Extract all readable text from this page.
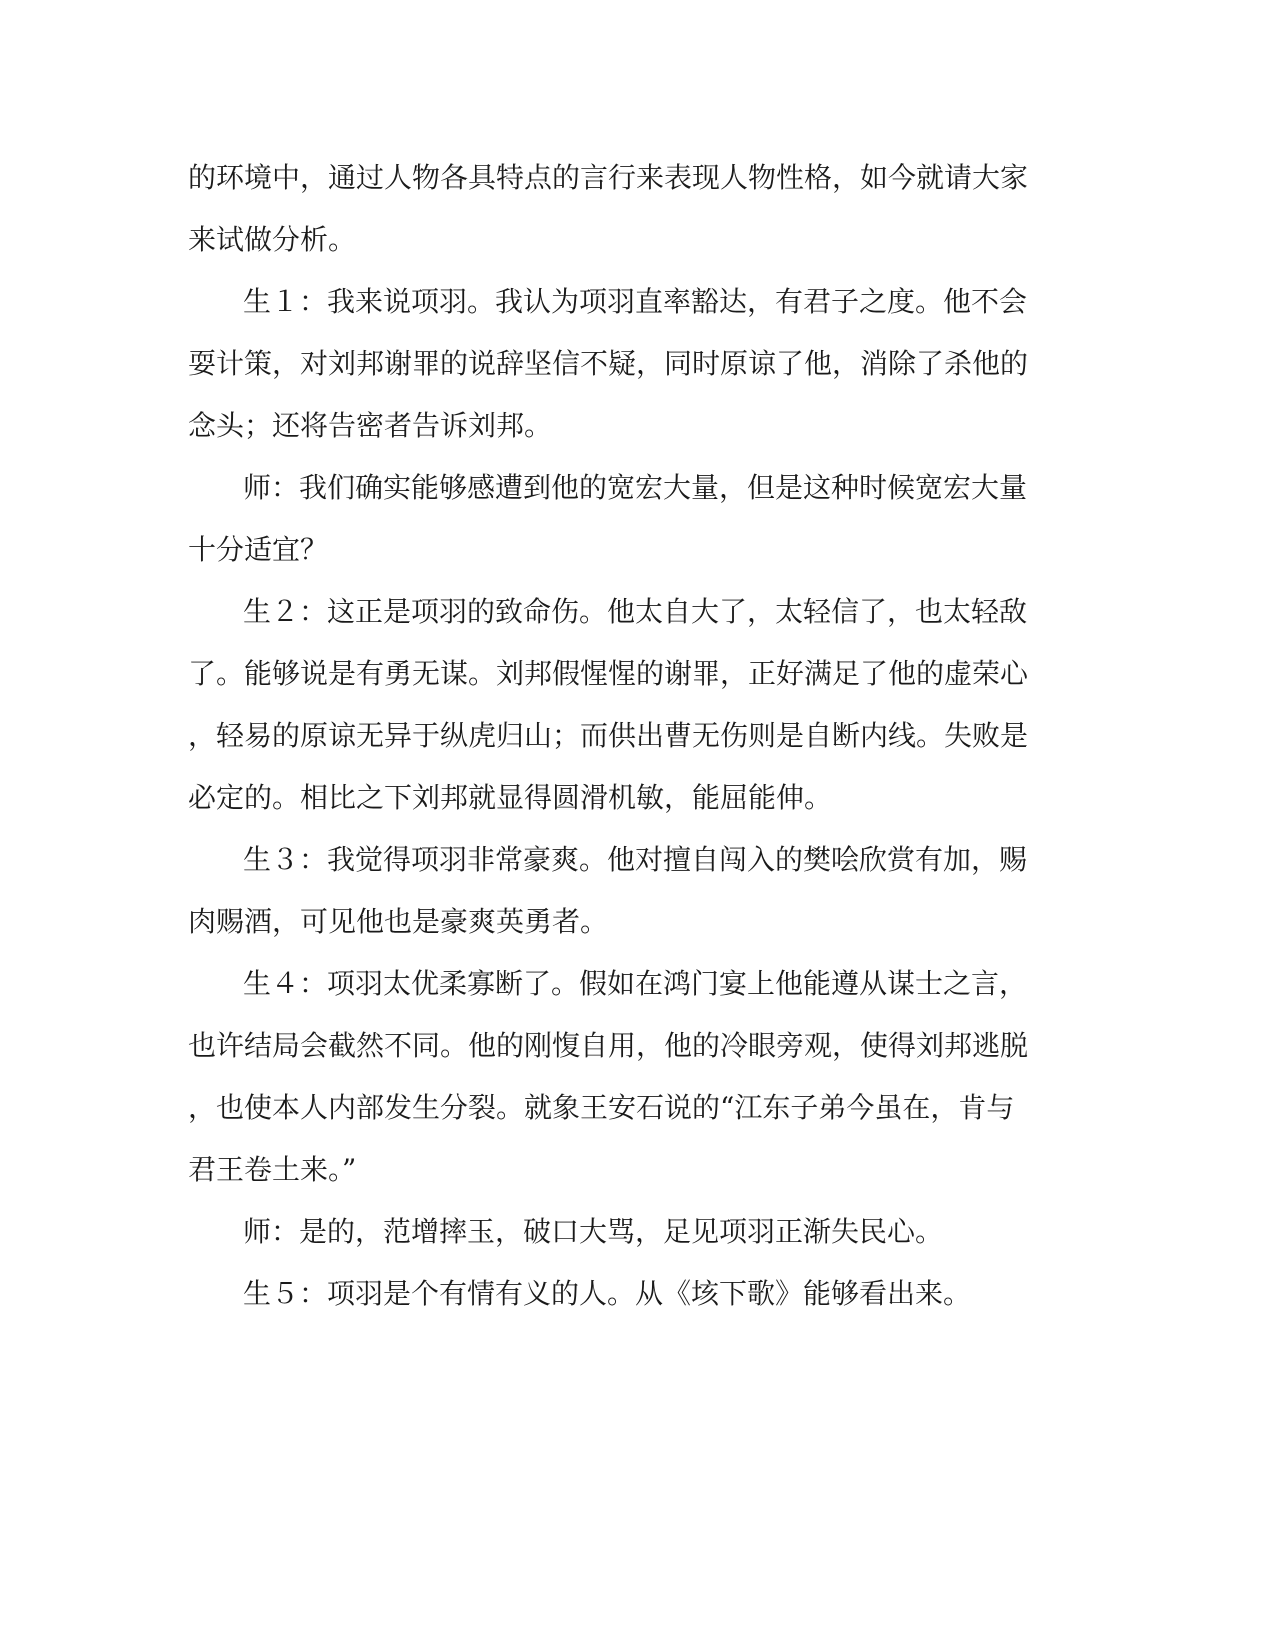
的环境中，通过人物各具特点的言行来表现人物性格，如今就请大家

来试做分析。

生１：我来说项羽。我认为项羽直率豁达，有君子之度。他不会

耍计策，对刘邦谢罪的说辞坚信不疑，同时原谅了他，消除了杀他的

念头；还将告密者告诉刘邦。

师：我们确实能够感遭到他的宽宏大量，但是这种时候宽宏大量

十分适宜？

生２：这正是项羽的致命伤。他太自大了，太轻信了，也太轻敌

了。能够说是有勇无谋。刘邦假惺惺的谢罪，正好满足了他的虚荣心

，轻易的原谅无异于纵虎归山；而供出曹无伤则是自断内线。失败是

必定的。相比之下刘邦就显得圆滑机敏，能屈能伸。

生３：我觉得项羽非常豪爽。他对擅自闯入的樊哙欣赏有加，赐

肉赐酒，可见他也是豪爽英勇者。

生４：项羽太优柔寡断了。假如在鸿门宴上他能遵从谋士之言，

也许结局会截然不同。他的刚愎自用，他的冷眼旁观，使得刘邦逃脱

，也使本人内部发生分裂。就象王安石说的“江东子弟今虽在，肯与

君王卷土来。”

师：是的，范增摔玉，破口大骂，足见项羽正渐失民心。

生５：项羽是个有情有义的人。从《垓下歌》能够看出来。
